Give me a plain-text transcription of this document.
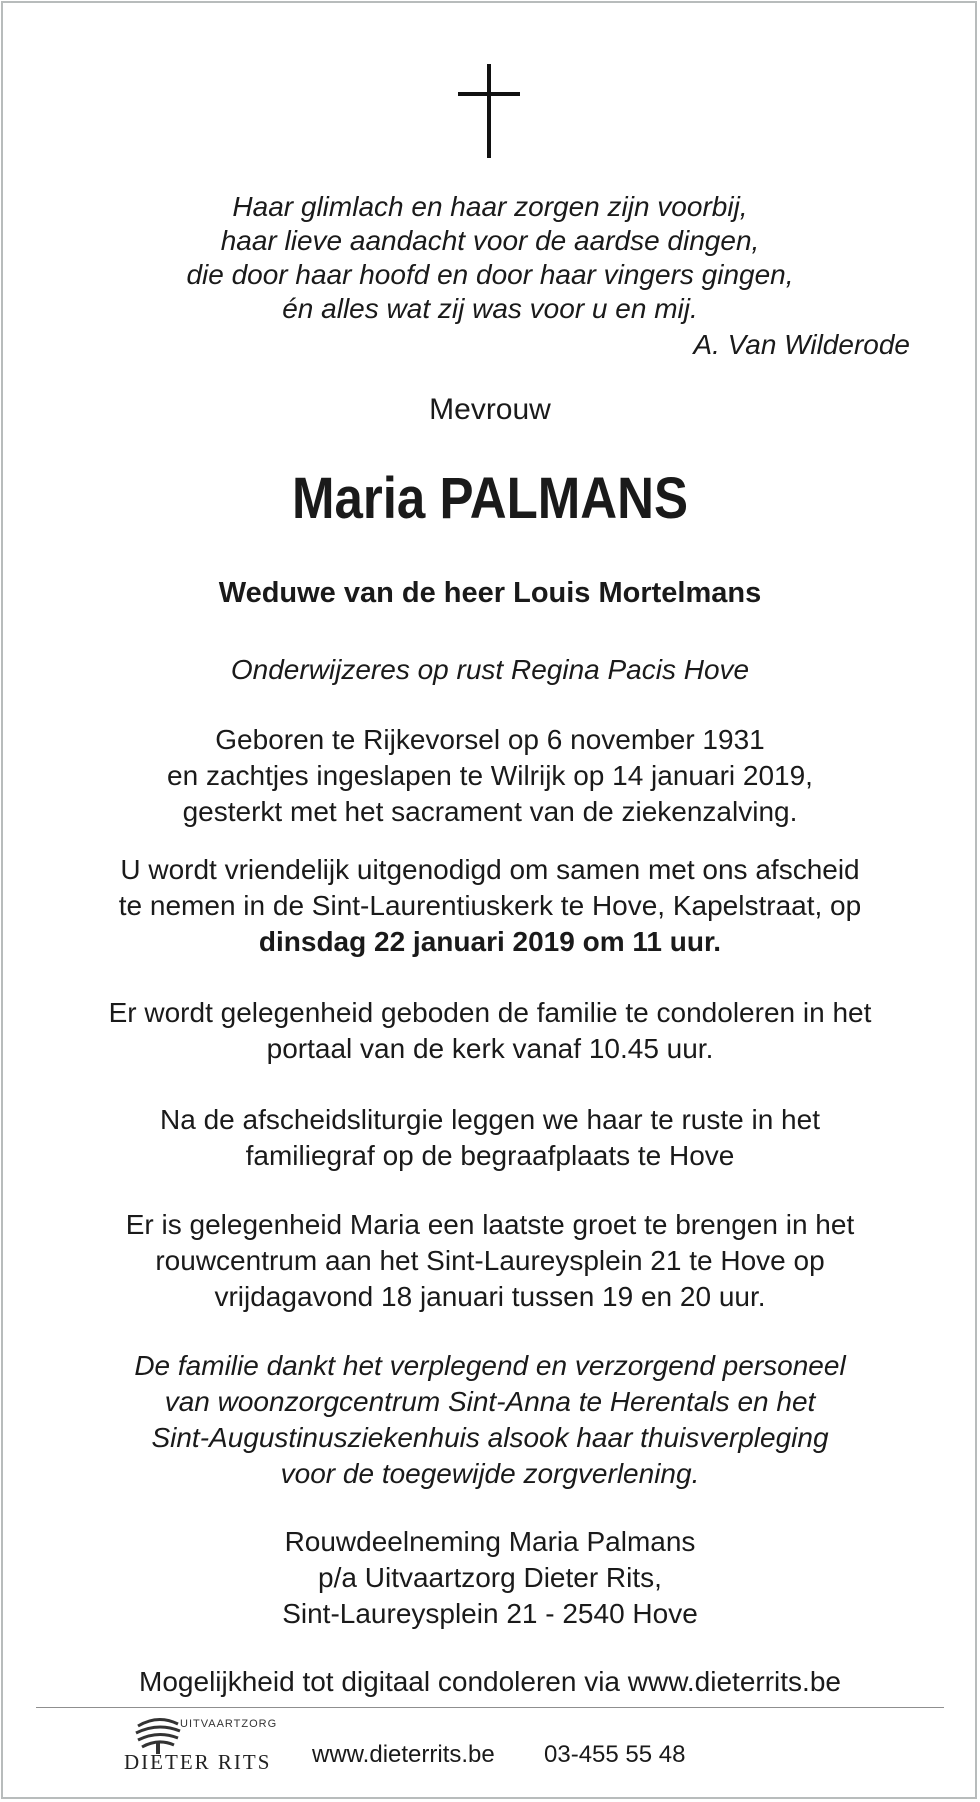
Haar glimlach en haar zorgen zijn voorbij,
haar lieve aandacht voor de aardse dingen,
die door haar hoofd en door haar vingers gingen,
én alles wat zij was voor u en mij.
A. Van Wilderode
Mevrouw
Maria PALMANS
Weduwe van de heer Louis Mortelmans
Onderwijzeres op rust Regina Pacis Hove
Geboren te Rijkevorsel op 6 november 1931
en zachtjes ingeslapen te Wilrijk op 14 januari 2019,
gesterkt met het sacrament van de ziekenzalving.
U wordt vriendelijk uitgenodigd om samen met ons afscheid
te nemen in de Sint-Laurentiuskerk te Hove, Kapelstraat, op
dinsdag 22 januari 2019 om 11 uur.
Er wordt gelegenheid geboden de familie te condoleren in het
portaal van de kerk vanaf 10.45 uur.
Na de afscheidsliturgie leggen we haar te ruste in het
familiegraf op de begraafplaats te Hove
Er is gelegenheid Maria een laatste groet te brengen in het
rouwcentrum aan het Sint-Laureysplein 21 te Hove op
vrijdagavond 18 januari tussen 19 en 20 uur.
De familie dankt het verplegend en verzorgend personeel
van woonzorgcentrum Sint-Anna te Herentals en het
Sint-Augustinusziekenhuis alsook haar thuisverpleging
voor de toegewijde zorgverlening.
Rouwdeelneming Maria Palmans
p/a Uitvaartzorg Dieter Rits,
Sint-Laureysplein 21 - 2540 Hove
Mogelijkheid tot digitaal condoleren via www.dieterrits.be
UITVAARTZORG
DIETER RITS www.dieterrits.be 03-455 55 48
